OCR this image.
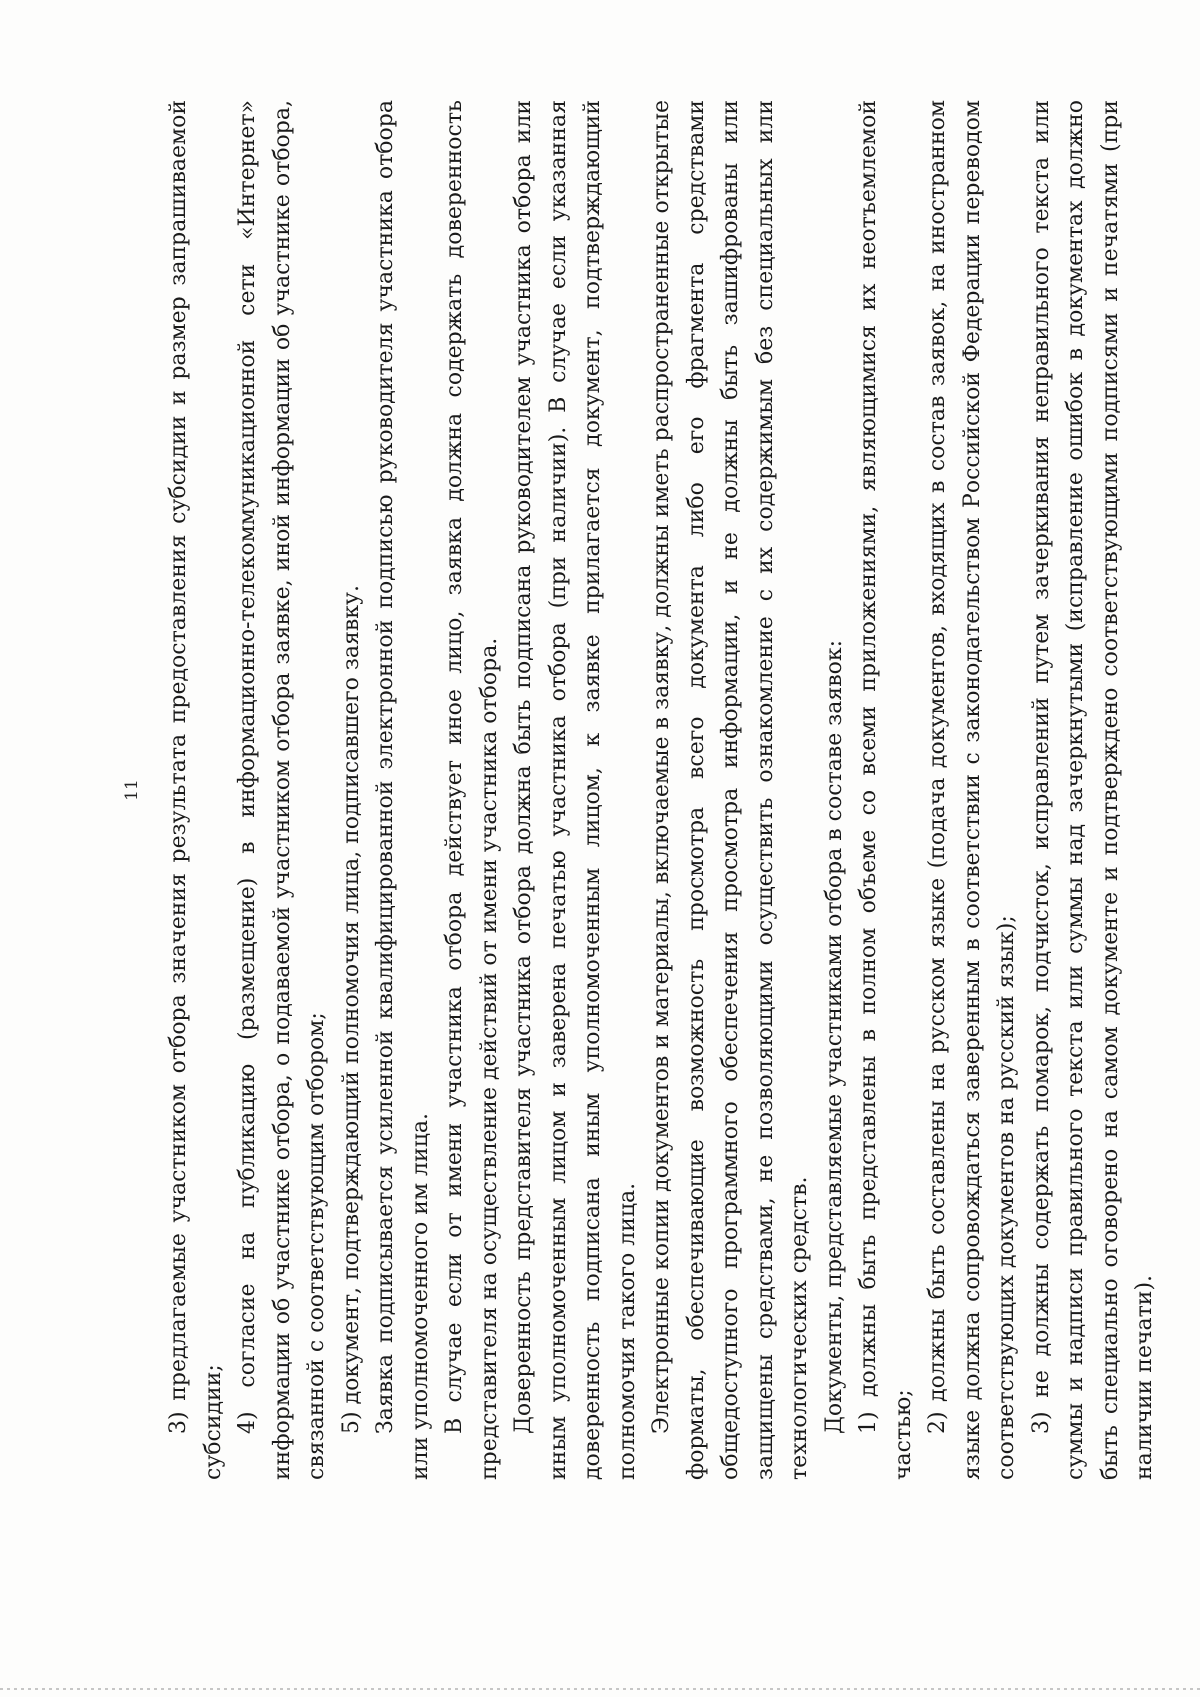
11 3) предлагаемые участником отбора значения результата предоставления субсидии и размер запрашиваемой субсидии; 4) согласие на публикацию (размещение) в информационно-телекоммуникационной сети «Интернет» информации об участнике отбора, о подаваемой участником отбора заявке, иной информации об участнике отбора, связанной с соответствующим отбором; 5) документ, подтверждающий полномочия лица, подписавшего заявку. Заявка подписывается усиленной квалифицированной электронной подписью руководителя участника отбора или уполномоченного им лица. В случае если от имени участника отбора действует иное лицо, заявка должна содержать доверенность представителя на осуществление действий от имени участника отбора. Доверенность представителя участника отбора должна быть подписана руководителем участника отбора или иным уполномоченным лицом и заверена печатью участника отбора (при наличии). В случае если указанная доверенность подписана иным уполномоченным лицом, к заявке прилагается документ, подтверждающий полномочия такого лица. Электронные копии документов и материалы, включаемые в заявку, должны иметь распространенные открытые форматы, обеспечивающие возможность просмотра всего документа либо его фрагмента средствами общедоступного программного обеспечения просмотра информации, и не должны быть зашифрованы или защищены средствами, не позволяющими осуществить ознакомление с их содержимым без специальных или технологических средств. Документы, представляемые участниками отбора в составе заявок: 1) должны быть представлены в полном объеме со всеми приложениями, являющимися их неотъемлемой частью;

2) должны быть составлены на русском языке (подача документов, входящих в состав заявок, на иностранном языке должна сопровождаться заверенным в соответствии с законодательством Российской Федерации переводом соответствующих документов на русский язык); 3) не должны содержать помарок, подчисток, исправлений путем зачеркивания неправильного текста или суммы и надписи правильного текста или суммы над зачеркнутыми (исправление ошибок в документах должно быть специально оговорено на самом документе и подтверждено соответствующими подписями и печатями (при наличии печати).
